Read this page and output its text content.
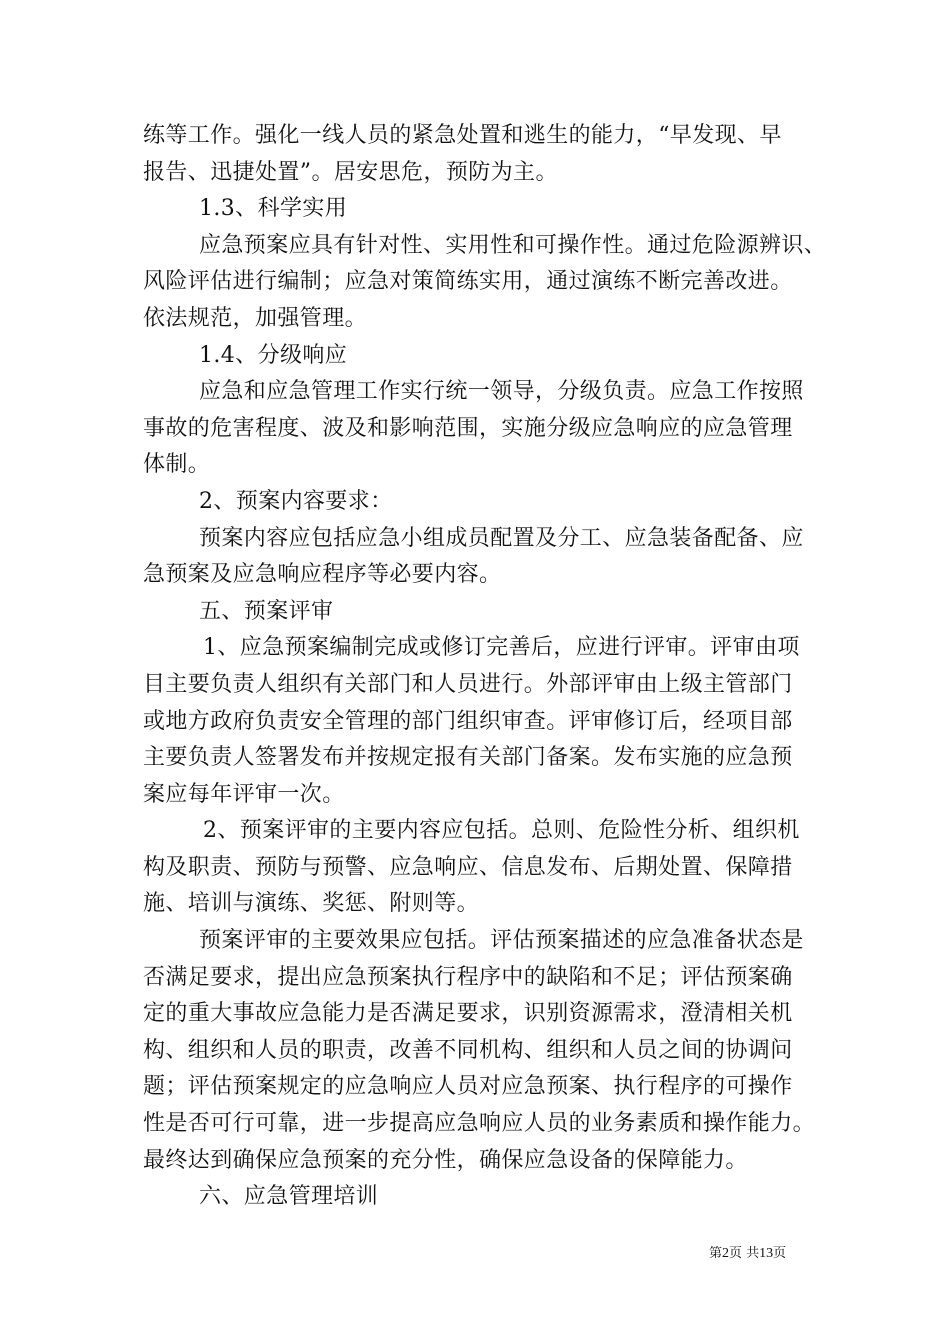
练等工作。强化一线人员的紧急处置和逃生的能力，“早发现、早
报告、迅捷处置”。居安思危，预防为主。
1.3、科学实用
应急预案应具有针对性、实用性和可操作性。通过危险源辨识、
风险评估进行编制；应急对策简练实用，通过演练不断完善改进。
依法规范，加强管理。
1.4、分级响应
应急和应急管理工作实行统一领导，分级负责。应急工作按照
事故的危害程度、波及和影响范围，实施分级应急响应的应急管理
体制。
2、预案内容要求：
预案内容应包括应急小组成员配置及分工、应急装备配备、应
急预案及应急响应程序等必要内容。
五、预案评审
1、应急预案编制完成或修订完善后，应进行评审。评审由项
目主要负责人组织有关部门和人员进行。外部评审由上级主管部门
或地方政府负责安全管理的部门组织审查。评审修订后，经项目部
主要负责人签署发布并按规定报有关部门备案。发布实施的应急预
案应每年评审一次。
2、预案评审的主要内容应包括。总则、危险性分析、组织机
构及职责、预防与预警、应急响应、信息发布、后期处置、保障措
施、培训与演练、奖惩、附则等。
预案评审的主要效果应包括。评估预案描述的应急准备状态是
否满足要求，提出应急预案执行程序中的缺陷和不足；评估预案确
定的重大事故应急能力是否满足要求，识别资源需求，澄清相关机
构、组织和人员的职责，改善不同机构、组织和人员之间的协调问
题；评估预案规定的应急响应人员对应急预案、执行程序的可操作
性是否可行可靠，进一步提高应急响应人员的业务素质和操作能力。
最终达到确保应急预案的充分性，确保应急设备的保障能力。
六、应急管理培训
第2页 共13页
